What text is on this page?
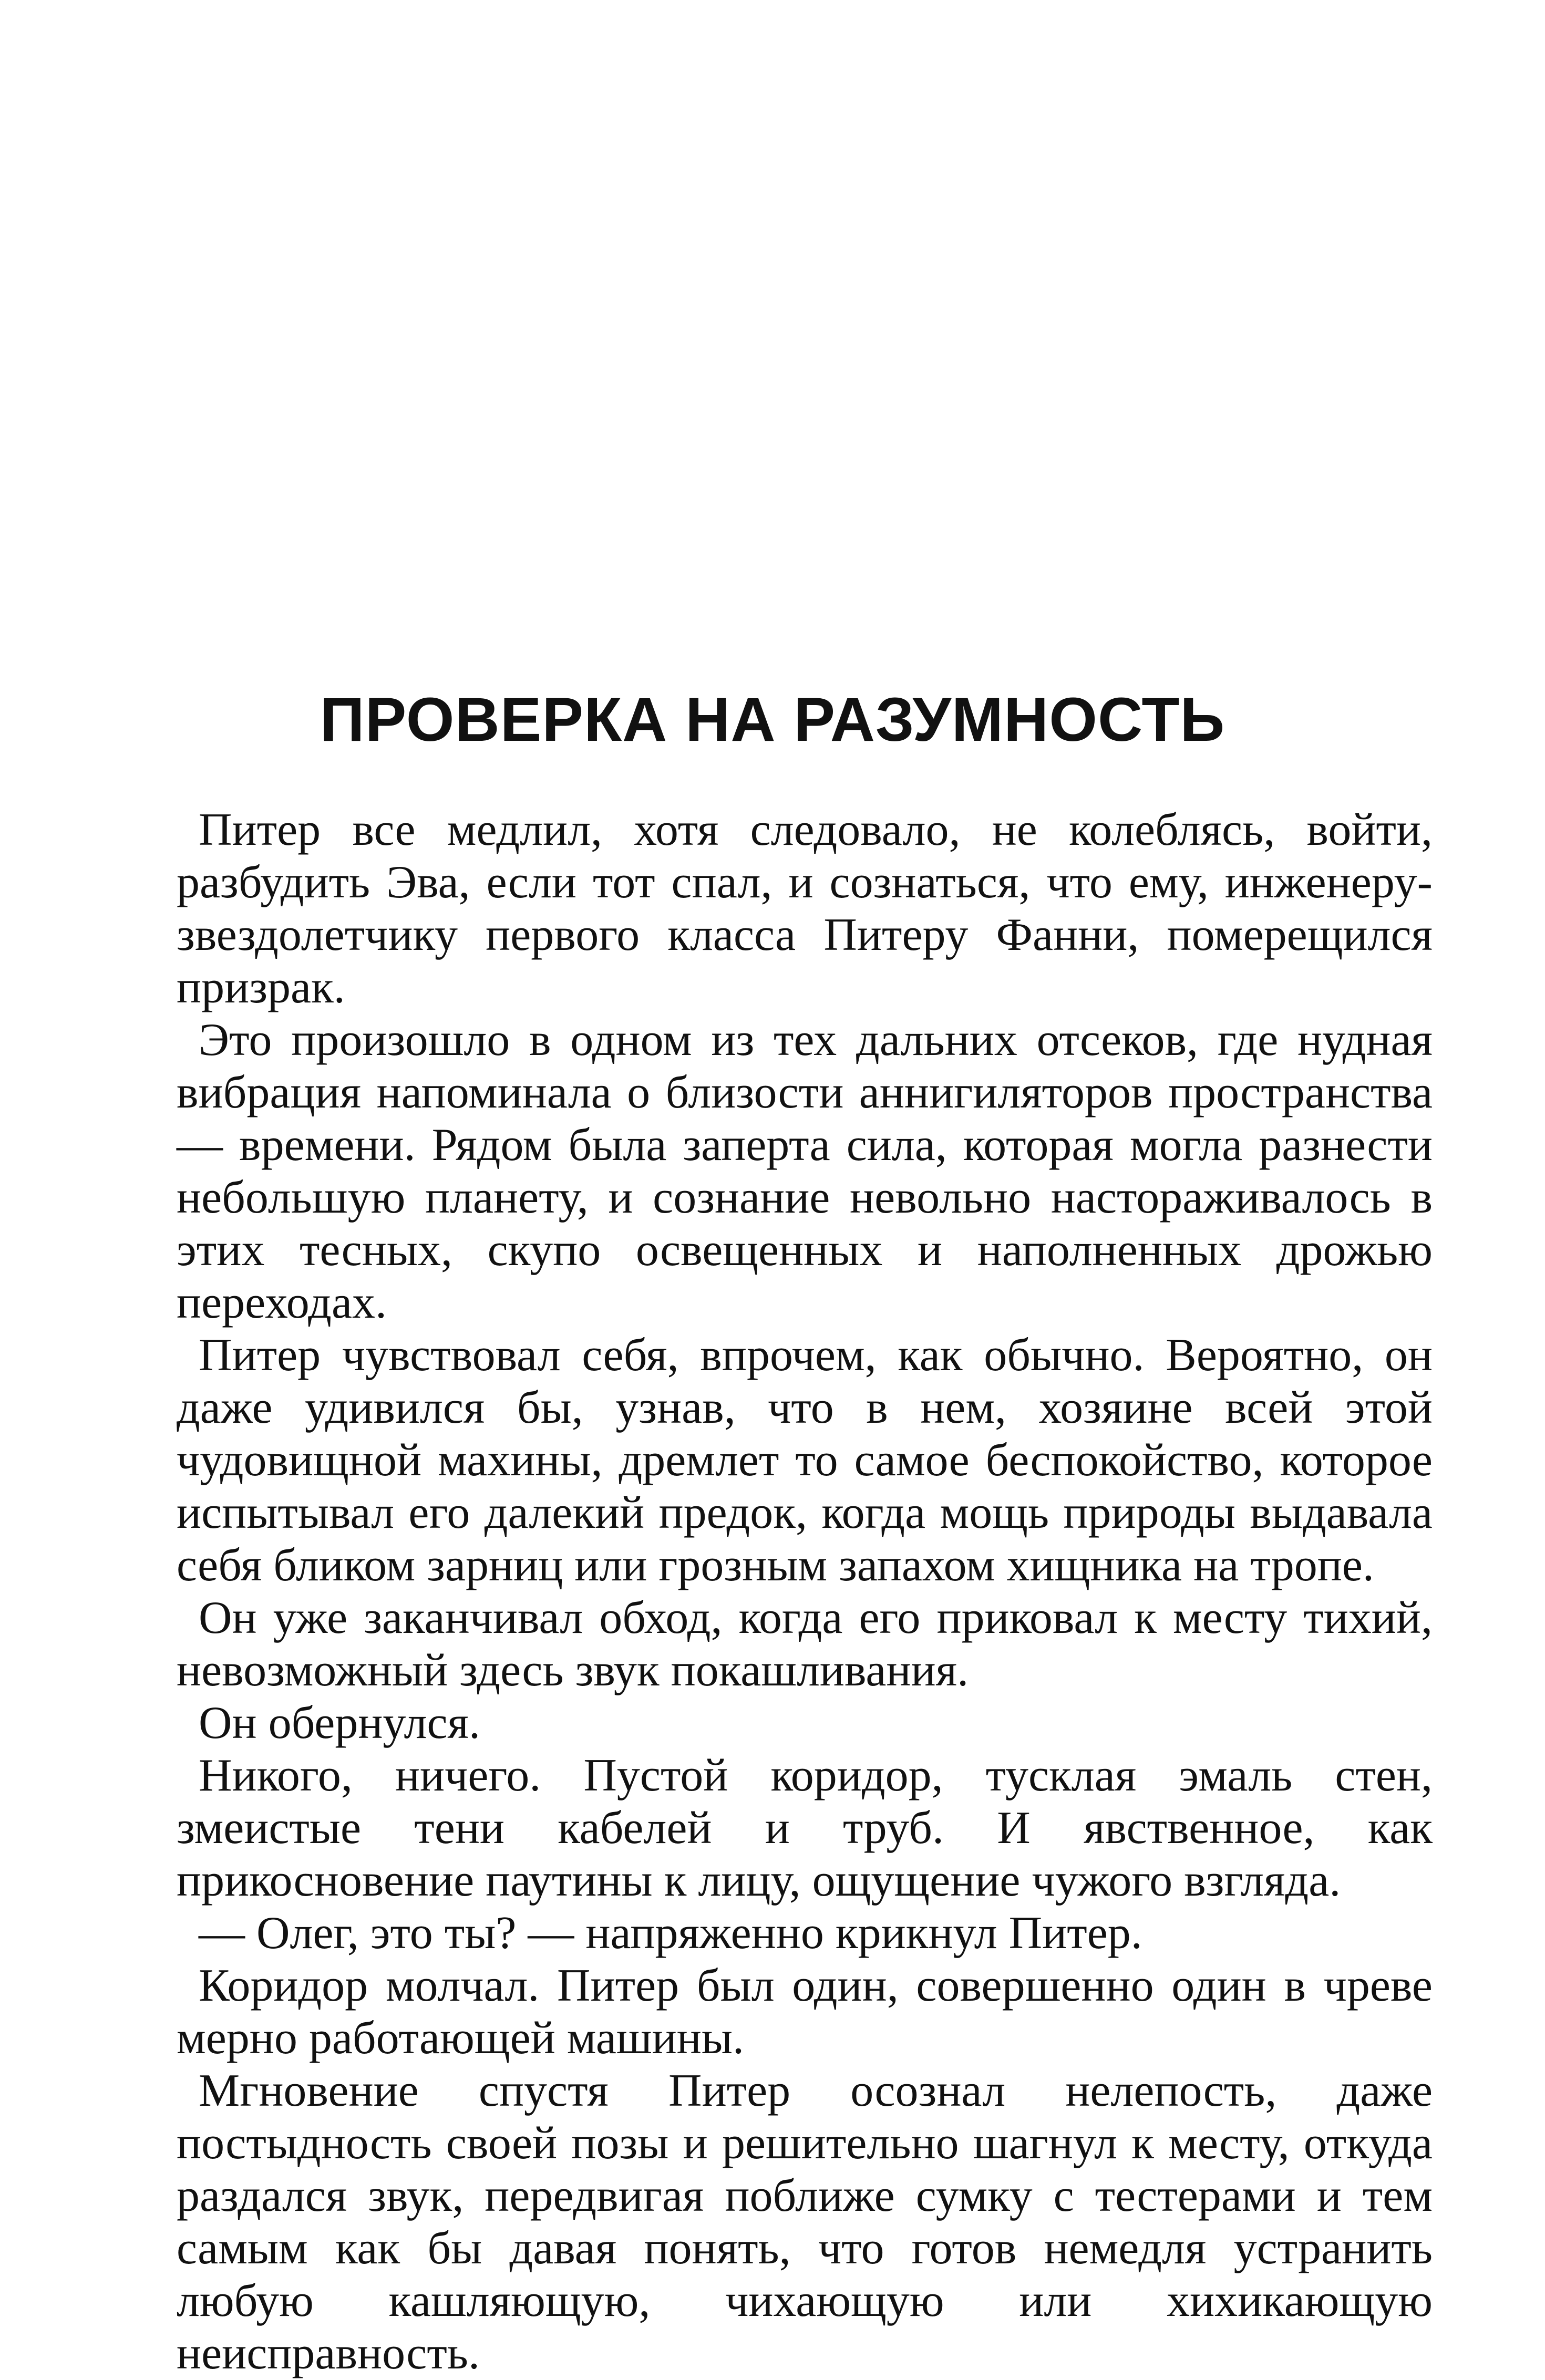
ПРОВЕРКА НА РАЗУМНОСТЬ

Питер все медлил, хотя следовало, не колеблясь, войти, разбудить Эва, если тот спал, и сознаться, что ему, инженеру-звездолетчику первого класса Питеру Фанни, померещился призрак.

Это произошло в одном из тех дальних отсеков, где нудная вибрация напоминала о близости аннигиляторов пространства — времени. Рядом была заперта сила, которая могла разнести небольшую планету, и сознание невольно настораживалось в этих тесных, скупо освещенных и наполненных дрожью переходах.

Питер чувствовал себя, впрочем, как обычно. Вероятно, он даже удивился бы, узнав, что в нем, хозяине всей этой чудовищной махины, дремлет то самое беспокойство, которое испытывал его далекий предок, когда мощь природы выдавала себя бликом зарниц или грозным запахом хищника на тропе.

Он уже заканчивал обход, когда его приковал к месту тихий, невозможный здесь звук покашливания.

Он обернулся.

Никого, ничего. Пустой коридор, тусклая эмаль стен, змеистые тени кабелей и труб. И явственное, как прикосновение паутины к лицу, ощущение чужого взгляда.

— Олег, это ты? — напряженно крикнул Питер.

Коридор молчал. Питер был один, совершенно один в чреве мерно работающей машины.

Мгновение спустя Питер осознал нелепость, даже постыдность своей позы и решительно шагнул к месту, откуда раздался звук, передвигая поближе сумку с тестерами и тем самым как бы давая понять, что готов немедля устранить любую кашляющую, чихающую или хихикающую неисправность.
